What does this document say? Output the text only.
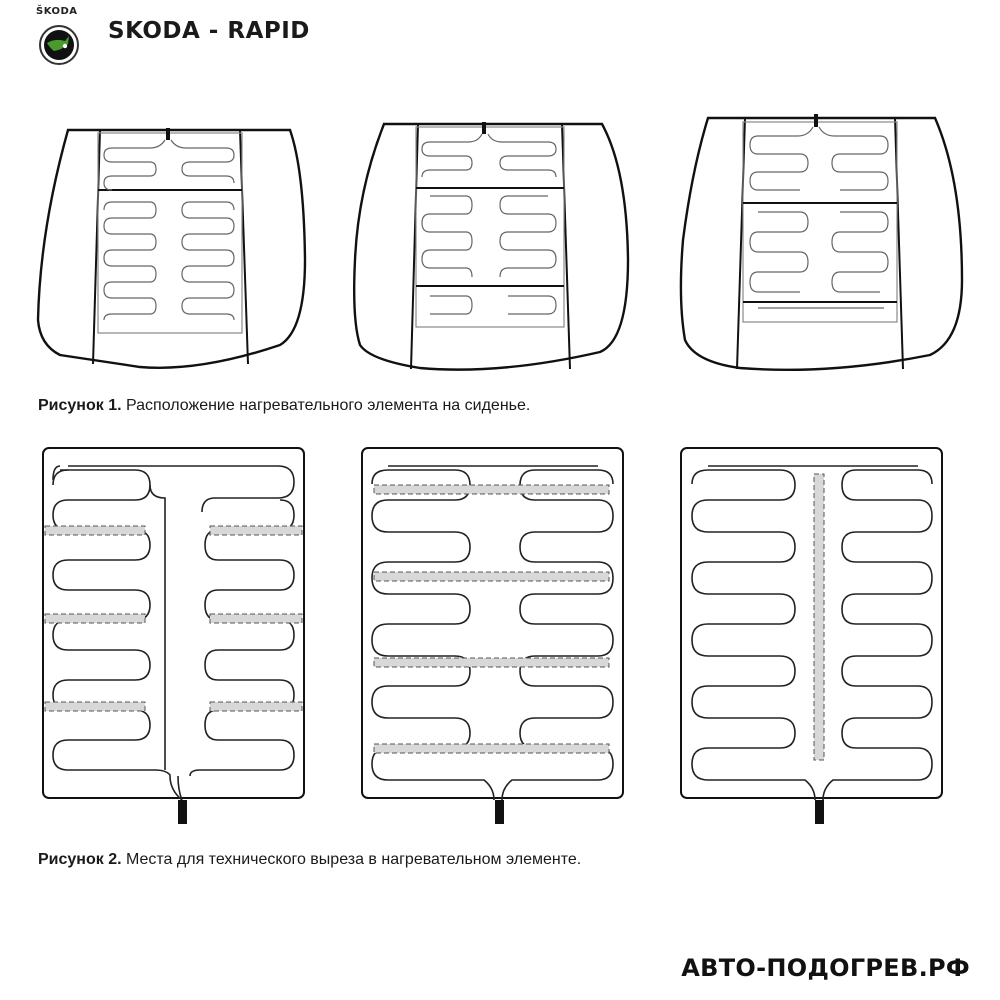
ŠKODA
SKODA - RAPID
Рисунок 1. Расположение нагревательного элемента на сиденье.
Рисунок 2. Места для технического выреза в нагревательном элементе.
АВТО-ПОДОГРЕВ.РФ
